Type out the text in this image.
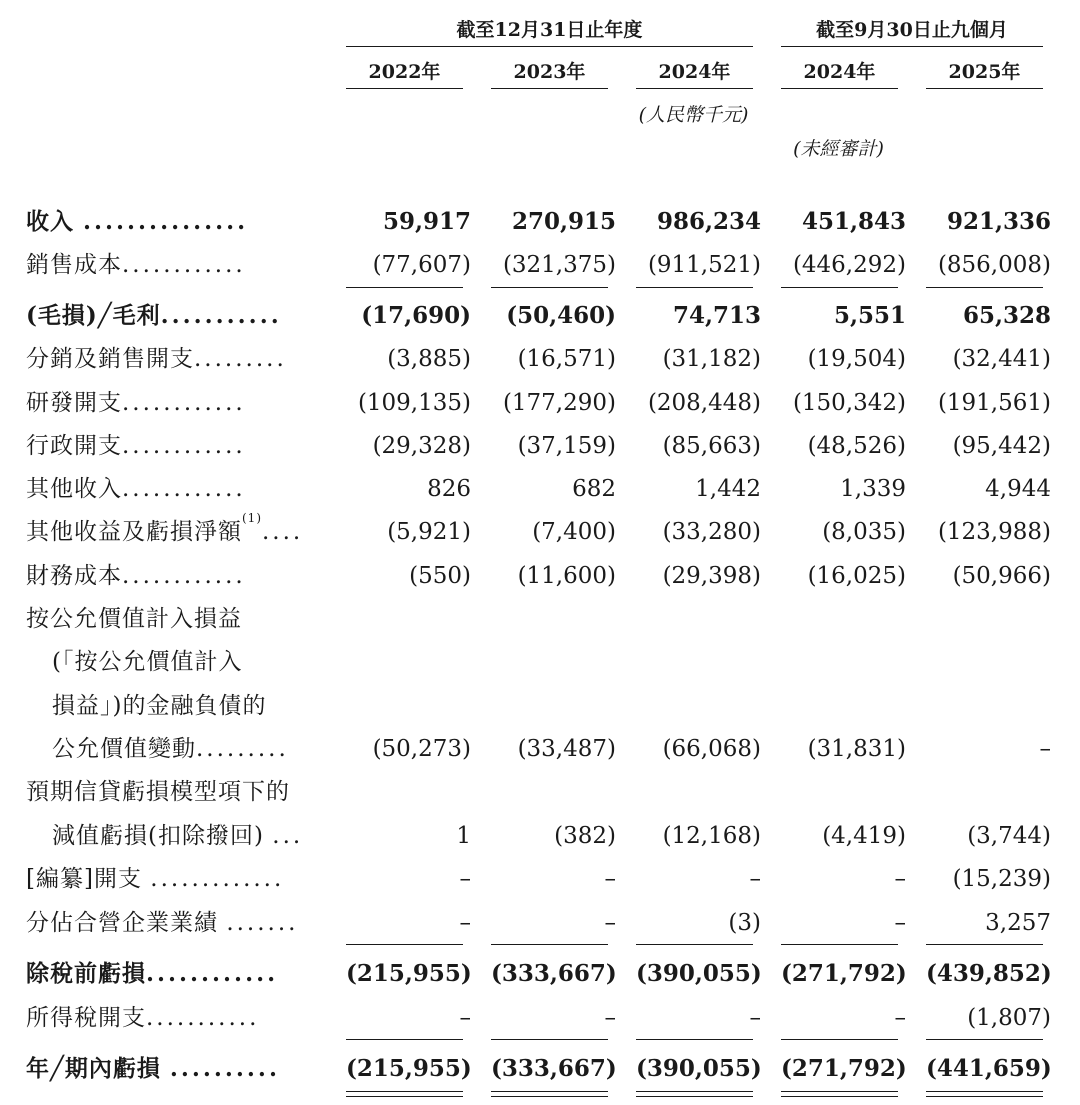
截至12月31日止年度	截至9月30日止九個月
2022年	2023年	2024年	2024年	2025年
(人民幣千元)
(未經審計)
收入 ...............	59,917	270,915	986,234	451,843	921,336
銷售成本............	(77,607)	(321,375)	(911,521)	(446,292)	(856,008)
(毛損)╱毛利...........	(17,690)	(50,460)	74,713	5,551	65,328
分銷及銷售開支.........	(3,885)	(16,571)	(31,182)	(19,504)	(32,441)
研發開支............	(109,135)	(177,290)	(208,448)	(150,342)	(191,561)
行政開支............	(29,328)	(37,159)	(85,663)	(48,526)	(95,442)
其他收入............	826	682	1,442	1,339	4,944
其他收益及虧損淨額$^{(1)}$....	(5,921)	(7,400)	(33,280)	(8,035)	(123,988)
財務成本............	(550)	(11,600)	(29,398)	(16,025)	(50,966)
按公允價值計入損益
(「按公允價值計入
損益」)的金融負債的
公允價值變動.........	(50,273)	(33,487)	(66,068)	(31,831)	–
預期信貸虧損模型項下的
減值虧損(扣除撥回) ...	1	(382)	(12,168)	(4,419)	(3,744)
[編纂]開支 .............	–	–	–	–	(15,239)
分佔合營企業業績 .......	–	–	(3)	–	3,257
除稅前虧損............	(215,955) (333,667) (390,055) (271,792) (439,852)
所得稅開支...........	–	–	–	–	(1,807)
年╱期內虧損 ..........	(215,955) (333,667) (390,055) (271,792) (441,659)
